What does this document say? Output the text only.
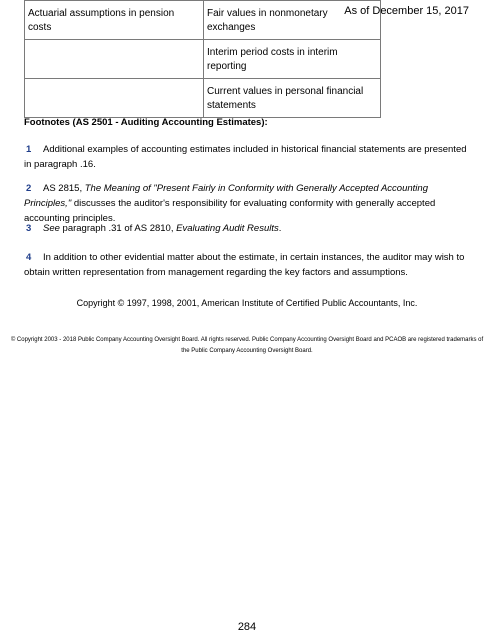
As of December 15, 2017
Actuarial assumptions in pension costs	Fair values in nonmonetary exchanges
	Interim period costs in interim reporting
	Current values in personal financial statements
Footnotes (AS 2501 - Auditing Accounting Estimates):
1 Additional examples of accounting estimates included in historical financial statements are presented in paragraph .16.
2 AS 2815, The Meaning of "Present Fairly in Conformity with Generally Accepted Accounting Principles," discusses the auditor's responsibility for evaluating conformity with generally accepted accounting principles.
3 See paragraph .31 of AS 2810, Evaluating Audit Results.
4 In addition to other evidential matter about the estimate, in certain instances, the auditor may wish to obtain written representation from management regarding the key factors and assumptions.
Copyright © 1997, 1998, 2001, American Institute of Certified Public Accountants, Inc.
© Copyright 2003 - 2018 Public Company Accounting Oversight Board. All rights reserved. Public Company Accounting Oversight Board and PCAOB are registered trademarks of
the Public Company Accounting Oversight Board.
284
